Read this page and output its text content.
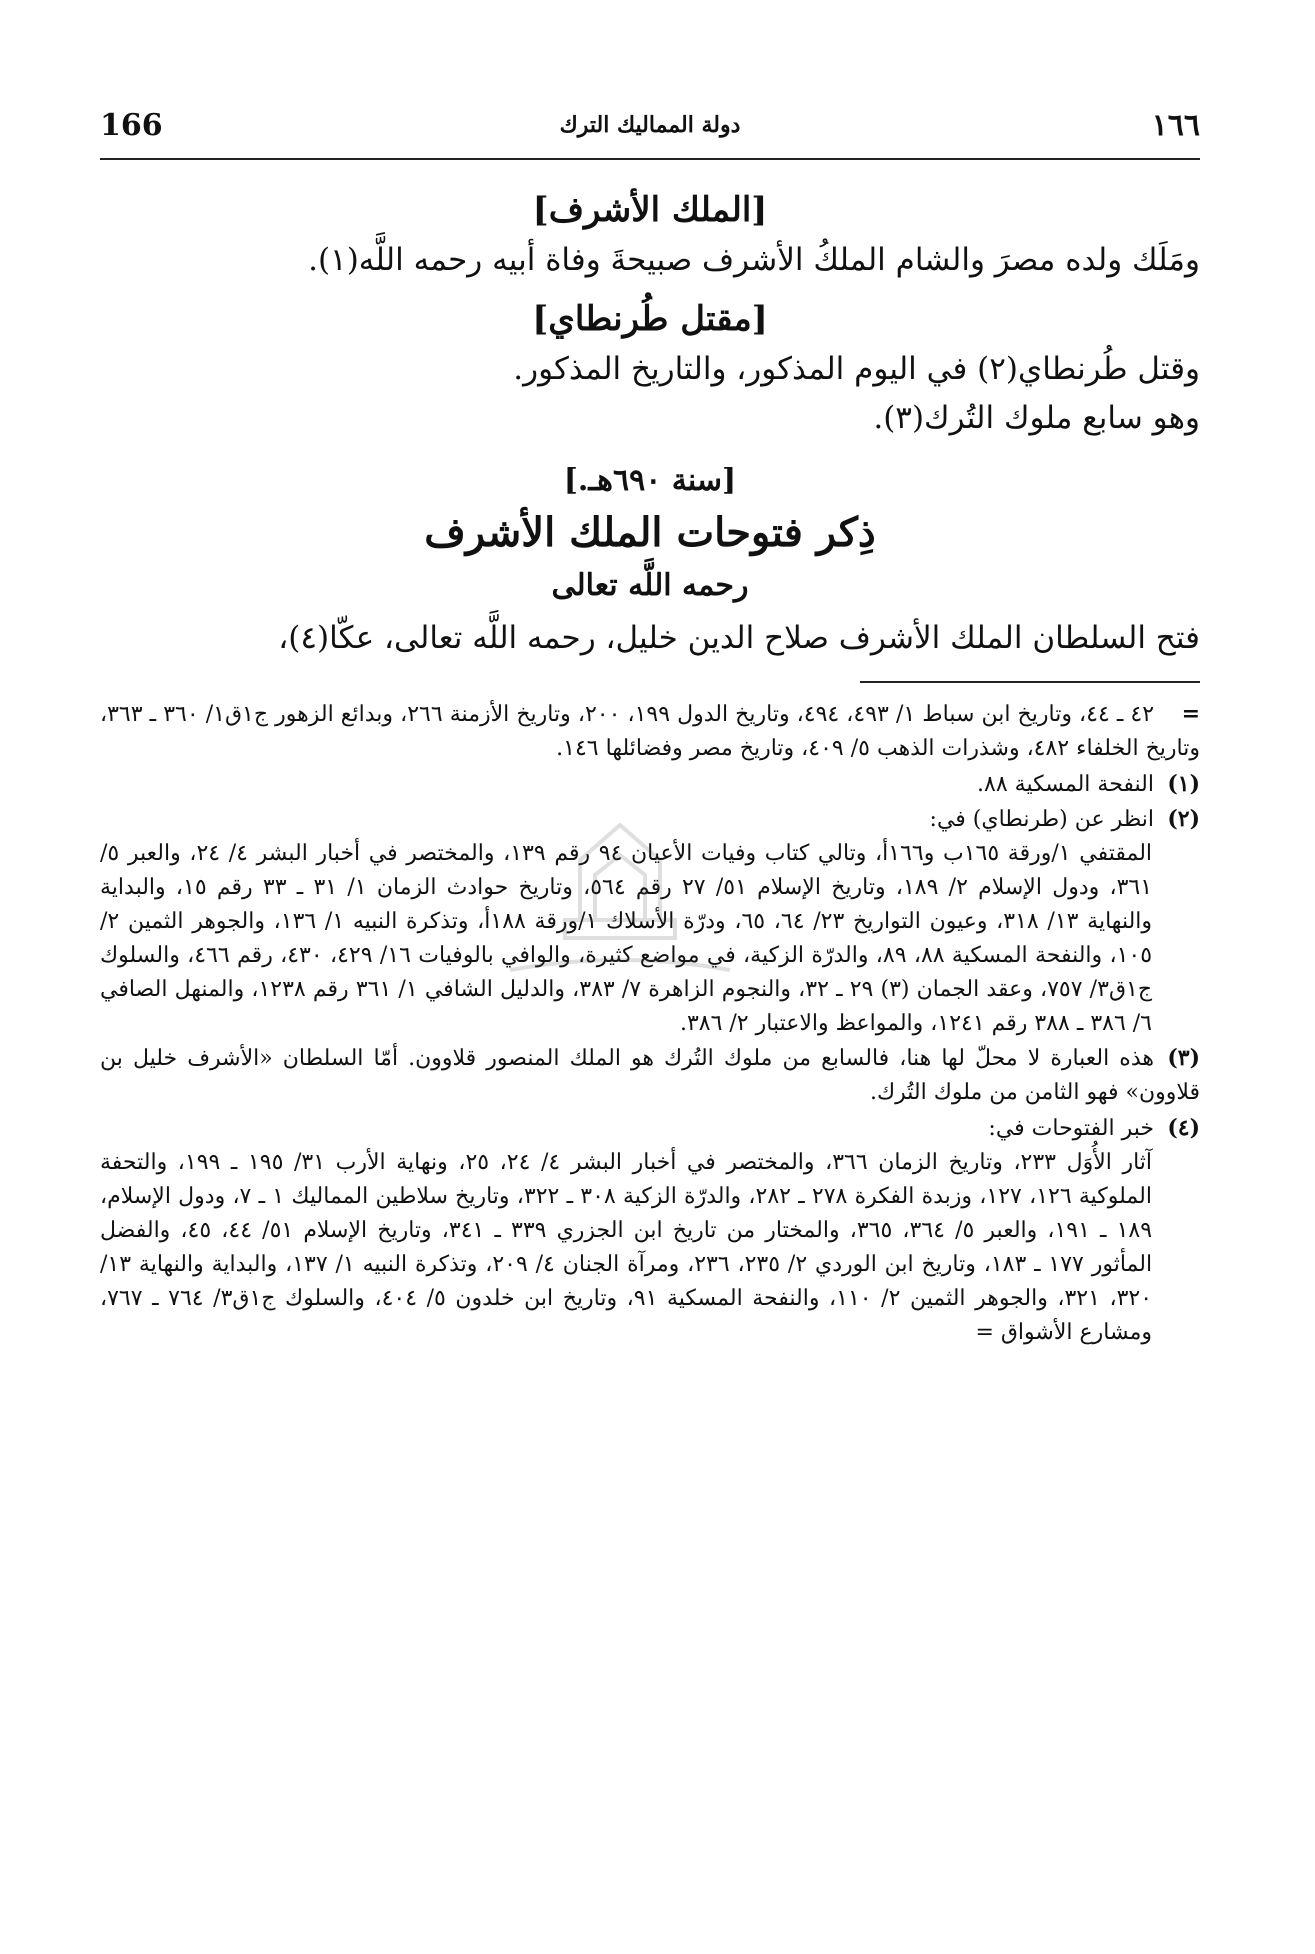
166	دولة المماليك الترك	١٦٦
[الملك الأشرف]

ومَلَك ولده مصرَ والشام الملكُ الأشرف صبيحةَ وفاة أبيه رحمه اللَّه(١).

[مقتل طُرنطاي]

وقتل طُرنطاي(٢) في اليوم المذكور، والتاريخ المذكور.

وهو سابع ملوك التُرك(٣).

[سنة ٦٩٠هـ.]
ذِكر فتوحات الملك الأشرف
رحمه اللَّه تعالى

فتح السلطان الملك الأشرف صلاح الدين خليل، رحمه اللَّه تعالى، عكّا(٤)،

=٤٢ ـ ٤٤، وتاريخ ابن سباط ١/ ٤٩٣، ٤٩٤، وتاريخ الدول ١٩٩، ٢٠٠، وتاريخ الأزمنة ٢٦٦، وبدائع الزهور ج١ق١/ ٣٦٠ ـ ٣٦٣، وتاريخ الخلفاء ٤٨٢، وشذرات الذهب ٥/ ٤٠٩، وتاريخ مصر وفضائلها ١٤٦.

(١)النفحة المسكية ٨٨.

(٢)انظر عن (طرنطاي) في:

المقتفي ١/ورقة ١٦٥ب و١٦٦أ، وتالي كتاب وفيات الأعيان ٩٤ رقم ١٣٩، والمختصر في أخبار البشر ٤/ ٢٤، والعبر ٥/ ٣٦١، ودول الإسلام ٢/ ١٨٩، وتاريخ الإسلام ٥١/ ٢٧ رقم ٥٦٤، وتاريخ حوادث الزمان ١/ ٣١ ـ ٣٣ رقم ١٥، والبداية والنهاية ١٣/ ٣١٨، وعيون التواريخ ٢٣/ ٦٤، ٦٥، ودرّة الأسلاك ١/ورقة ١٨٨أ، وتذكرة النبيه ١/ ١٣٦، والجوهر الثمين ٢/ ١٠٥، والنفحة المسكية ٨٨، ٨٩، والدرّة الزكية، في مواضع كثيرة، والوافي بالوفيات ١٦/ ٤٢٩، ٤٣٠، رقم ٤٦٦، والسلوك ج١ق٣/ ٧٥٧، وعقد الجمان (٣) ٢٩ ـ ٣٢، والنجوم الزاهرة ٧/ ٣٨٣، والدليل الشافي ١/ ٣٦١ رقم ١٢٣٨، والمنهل الصافي ٦/ ٣٨٦ ـ ٣٨٨ رقم ١٢٤١، والمواعظ والاعتبار ٢/ ٣٨٦.

(٣)هذه العبارة لا محلّ لها هنا، فالسابع من ملوك التُرك هو الملك المنصور قلاوون. أمّا السلطان «الأشرف خليل بن قلاوون» فهو الثامن من ملوك التُرك.

(٤)خبر الفتوحات في:

آثار الأُوَل ٢٣٣، وتاريخ الزمان ٣٦٦، والمختصر في أخبار البشر ٤/ ٢٤، ٢٥، ونهاية الأرب ٣١/ ١٩٥ ـ ١٩٩، والتحفة الملوكية ١٢٦، ١٢٧، وزبدة الفكرة ٢٧٨ ـ ٢٨٢، والدرّة الزكية ٣٠٨ ـ ٣٢٢، وتاريخ سلاطين المماليك ١ ـ ٧، ودول الإسلام، ١٨٩ ـ ١٩١، والعبر ٥/ ٣٦٤، ٣٦٥، والمختار من تاريخ ابن الجزري ٣٣٩ ـ ٣٤١، وتاريخ الإسلام ٥١/ ٤٤، ٤٥، والفضل المأثور ١٧٧ ـ ١٨٣، وتاريخ ابن الوردي ٢/ ٢٣٥، ٢٣٦، ومرآة الجنان ٤/ ٢٠٩، وتذكرة النبيه ١/ ١٣٧، والبداية والنهاية ١٣/ ٣٢٠، ٣٢١، والجوهر الثمين ٢/ ١١٠، والنفحة المسكية ٩١، وتاريخ ابن خلدون ٥/ ٤٠٤، والسلوك ج١ق٣/ ٧٦٤ ـ ٧٦٧، ومشارع الأشواق =
